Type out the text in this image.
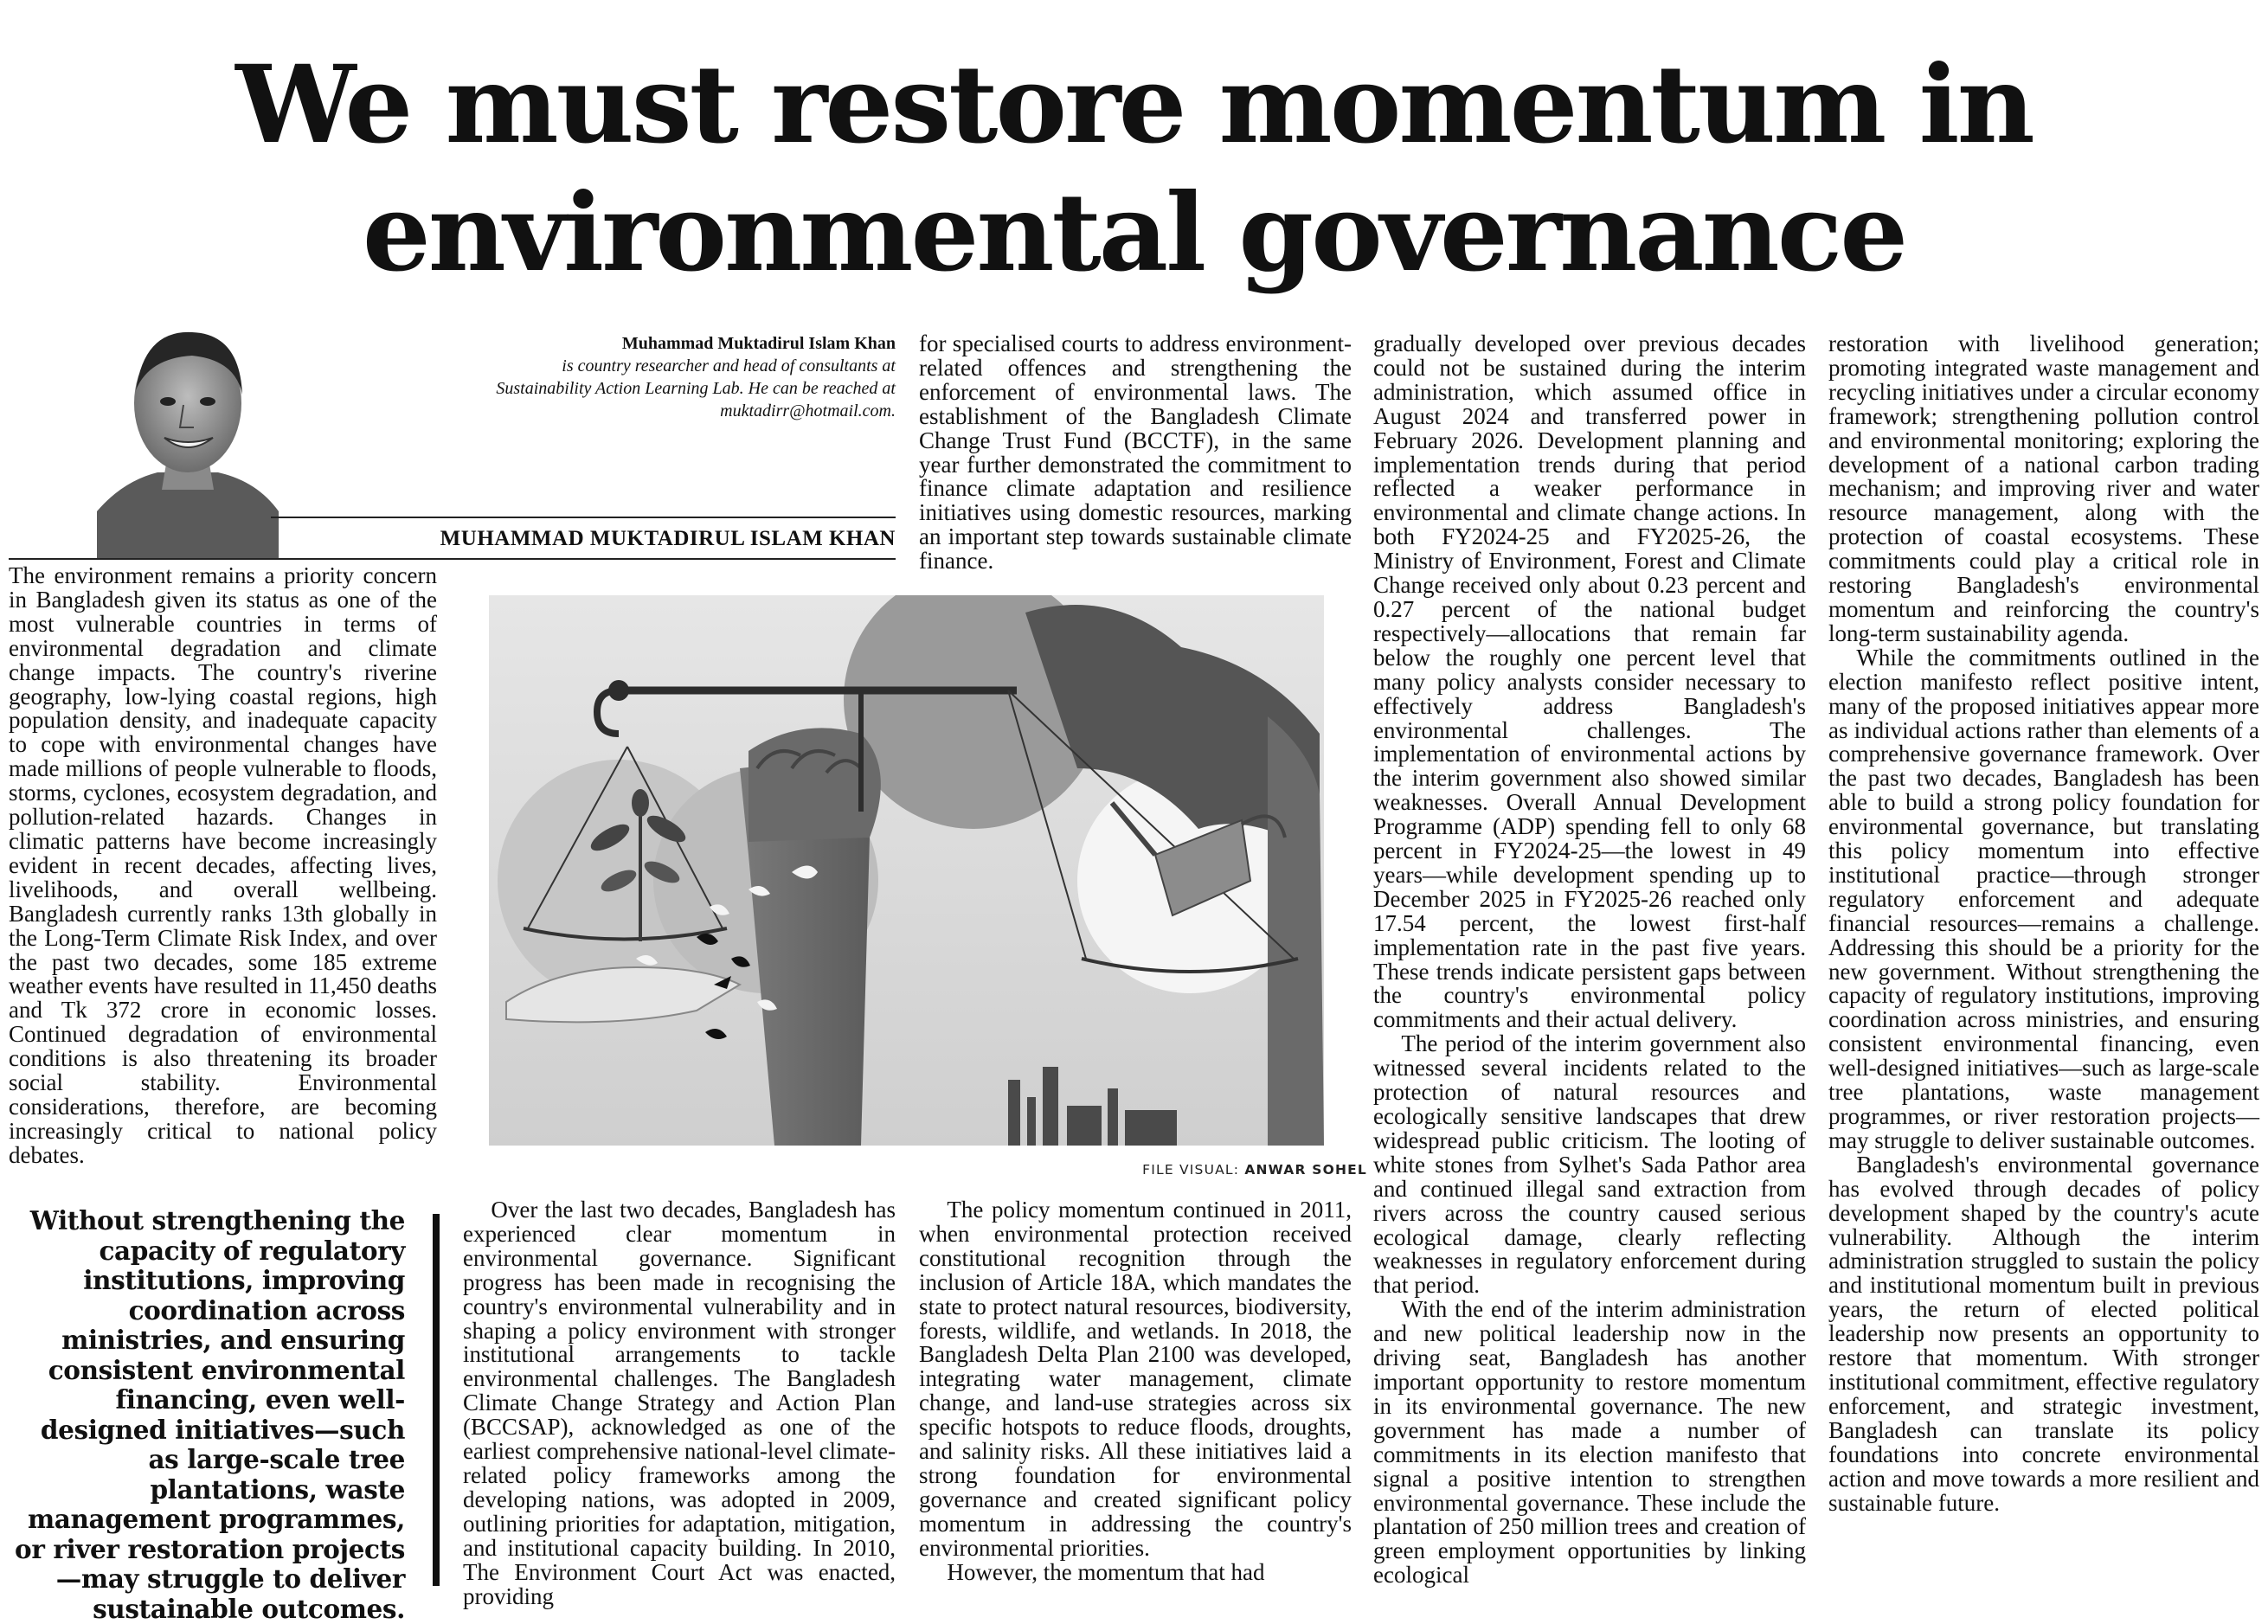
We must restore momentum in
environmental governance
Muhammad Muktadirul Islam Khan
is country researcher and head of consultants at
Sustainability Action Learning Lab. He can be reached at
muktadirr@hotmail.com.
MUHAMMAD MUKTADIRUL ISLAM KHAN

The environment remains a priority concern in Bangladesh given its status as one of the most vulnerable countries in terms of environmental degradation and climate change impacts. The country's riverine geography, low-lying coastal regions, high population density, and inadequate capacity to cope with environmental changes have made millions of people vulnerable to floods, storms, cyclones, ecosystem degradation, and pollution-related hazards. Changes in climatic patterns have become increasingly evident in recent decades, affecting lives, livelihoods, and overall wellbeing. Bangladesh currently ranks 13th globally in the Long-Term Climate Risk Index, and over the past two decades, some 185 extreme weather events have resulted in 11,450 deaths and Tk 372 crore in economic losses. Continued degradation of environmental conditions is also threatening its broader social stability. Environmental considerations, therefore, are becoming increasingly critical to national policy debates.

FILE VISUAL: ANWAR SOHEL
Without strengthening the capacity of regulatory institutions, improving coordination across ministries, and ensuring consistent environmental financing, even well-designed initiatives—such as large-scale tree plantations, waste management programmes, or river restoration projects—may struggle to deliver sustainable outcomes.

Over the last two decades, Bangladesh has experienced clear momentum in environmental governance. Significant progress has been made in recognising the country's environmental vulnerability and in shaping a policy environment with stronger institutional arrangements to tackle environmental challenges. The Bangladesh Climate Change Strategy and Action Plan (BCCSAP), acknowledged as one of the earliest comprehensive national-level climate-related policy frameworks among the developing nations, was adopted in 2009, outlining priorities for adaptation, mitigation, and institutional capacity building. In 2010, The Environment Court Act was enacted, providing

for specialised courts to address environment-related offences and strengthening the enforcement of environmental laws. The establishment of the Bangladesh Climate Change Trust Fund (BCCTF), in the same year further demonstrated the commitment to finance climate adaptation and resilience initiatives using domestic resources, marking an important step towards sustainable climate finance.

The policy momentum continued in 2011, when environmental protection received constitutional recognition through the inclusion of Article 18A, which mandates the state to protect natural resources, biodiversity, forests, wildlife, and wetlands. In 2018, the Bangladesh Delta Plan 2100 was developed, integrating water management, climate change, and land-use strategies across six specific hotspots to reduce floods, droughts, and salinity risks. All these initiatives laid a strong foundation for environmental governance and created significant policy momentum in addressing the country's environmental priorities.

However, the momentum that had

gradually developed over previous decades could not be sustained during the interim administration, which assumed office in August 2024 and transferred power in February 2026. Development planning and implementation trends during that period reflected a weaker performance in environmental and climate change actions. In both FY2024-25 and FY2025-26, the Ministry of Environment, Forest and Climate Change received only about 0.23 percent and 0.27 percent of the national budget respectively—allocations that remain far below the roughly one percent level that many policy analysts consider necessary to effectively address Bangladesh's environmental challenges. The implementation of environmental actions by the interim government also showed similar weaknesses. Overall Annual Development Programme (ADP) spending fell to only 68 percent in FY2024-25—the lowest in 49 years—while development spending up to December 2025 in FY2025-26 reached only 17.54 percent, the lowest first-half implementation rate in the past five years. These trends indicate persistent gaps between the country's environmental policy commitments and their actual delivery.

The period of the interim government also witnessed several incidents related to the protection of natural resources and ecologically sensitive landscapes that drew widespread public criticism. The looting of white stones from Sylhet's Sada Pathor area and continued illegal sand extraction from rivers across the country caused serious ecological damage, clearly reflecting weaknesses in regulatory enforcement during that period.

With the end of the interim administration and new political leadership now in the driving seat, Bangladesh has another important opportunity to restore momentum in its environmental governance. The new government has made a number of commitments in its election manifesto that signal a positive intention to strengthen environmental governance. These include the plantation of 250 million trees and creation of green employment opportunities by linking ecological

restoration with livelihood generation; promoting integrated waste management and recycling initiatives under a circular economy framework; strengthening pollution control and environmental monitoring; exploring the development of a national carbon trading mechanism; and improving river and water resource management, along with the protection of coastal ecosystems. These commitments could play a critical role in restoring Bangladesh's environmental momentum and reinforcing the country's long-term sustainability agenda.

While the commitments outlined in the election manifesto reflect positive intent, many of the proposed initiatives appear more as individual actions rather than elements of a comprehensive governance framework. Over the past two decades, Bangladesh has been able to build a strong policy foundation for environmental governance, but translating this policy momentum into effective institutional practice—through stronger regulatory enforcement and adequate financial resources—remains a challenge. Addressing this should be a priority for the new government. Without strengthening the capacity of regulatory institutions, improving coordination across ministries, and ensuring consistent environmental financing, even well-designed initiatives—such as large-scale tree plantations, waste management programmes, or river restoration projects—may struggle to deliver sustainable outcomes.

Bangladesh's environmental governance has evolved through decades of policy development shaped by the country's acute vulnerability. Although the interim administration struggled to sustain the policy and institutional momentum built in previous years, the return of elected political leadership now presents an opportunity to restore that momentum. With stronger institutional commitment, effective regulatory enforcement, and strategic investment, Bangladesh can translate its policy foundations into concrete environmental action and move towards a more resilient and sustainable future.
